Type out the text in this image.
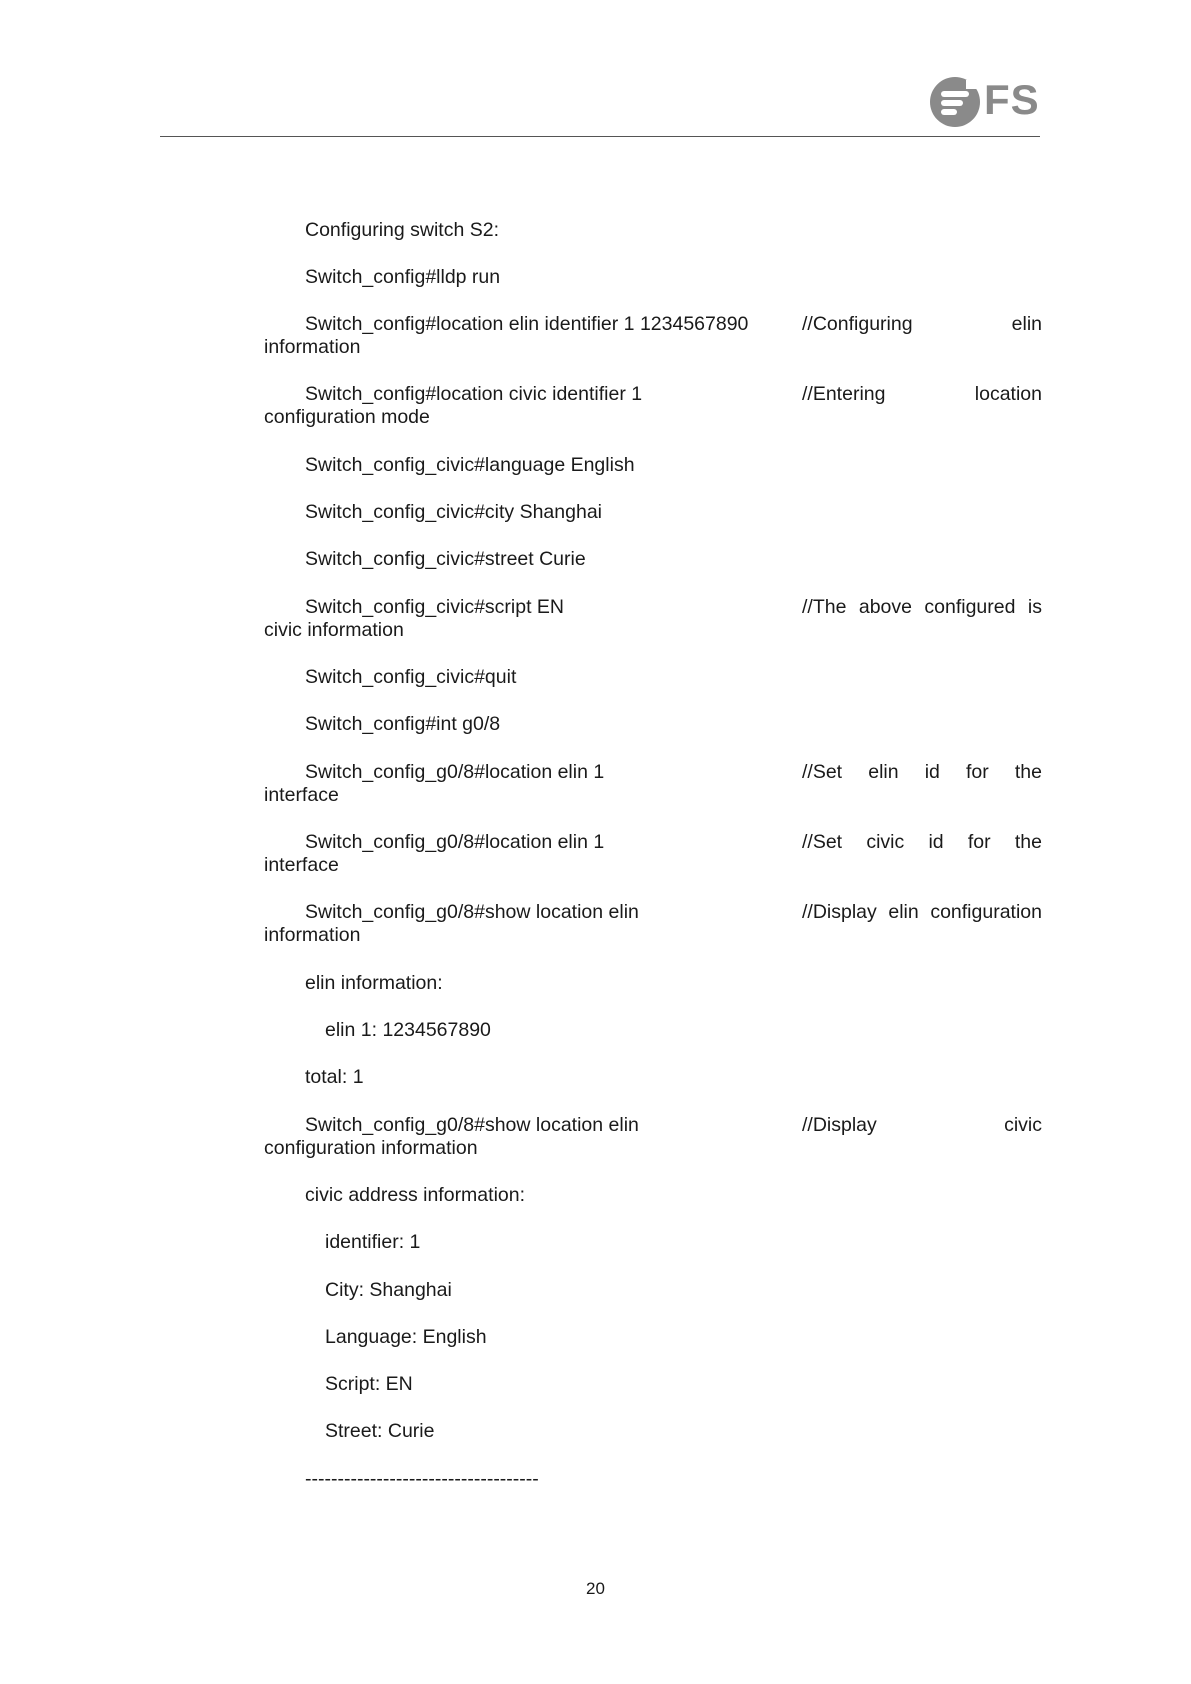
FS
Configuring switch S2:
Switch_config#lldp run
Switch_config#location elin identifier 1 1234567890	//Configuring	elin
information
Switch_config#location civic identifier 1	//Entering	location
configuration mode
Switch_config_civic#language English
Switch_config_civic#city Shanghai
Switch_config_civic#street Curie
Switch_config_civic#script EN	//The above configured is
civic information
Switch_config_civic#quit
Switch_config#int g0/8
Switch_config_g0/8#location elin 1	//Set elin id for the
interface
Switch_config_g0/8#location elin 1	//Set civic id for the
interface
Switch_config_g0/8#show location elin	//Display elin configuration
information
elin information:
elin 1: 1234567890
total: 1
Switch_config_g0/8#show location elin	//Display	civic
configuration information
civic address information:
identifier: 1
City: Shanghai
Language: English
Script: EN
Street: Curie
------------------------------------
20
